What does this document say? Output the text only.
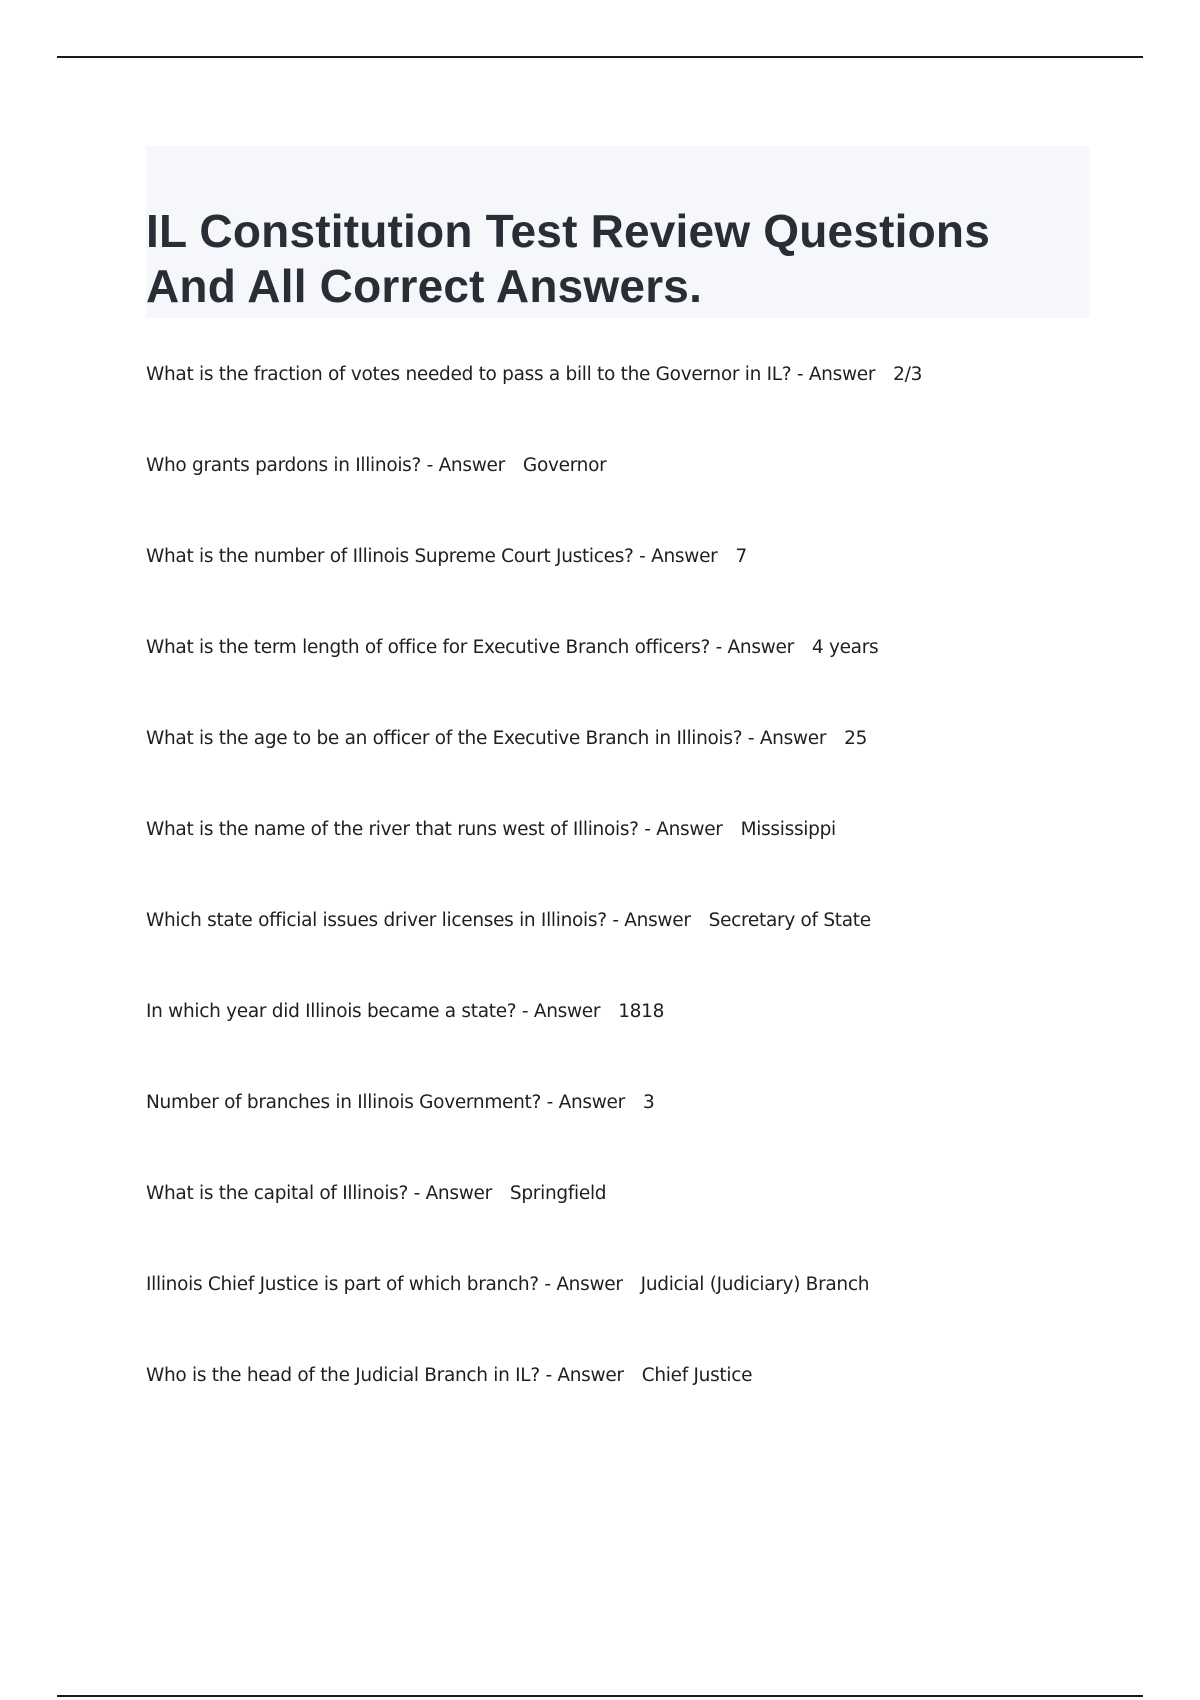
IL Constitution Test Review Questions And All Correct Answers.
What is the fraction of votes needed to pass a bill to the Governor in IL? - Answer 2/3
Who grants pardons in Illinois? - Answer Governor
What is the number of Illinois Supreme Court Justices? - Answer 7
What is the term length of office for Executive Branch officers? - Answer 4 years
What is the age to be an officer of the Executive Branch in Illinois? - Answer 25
What is the name of the river that runs west of Illinois? - Answer Mississippi
Which state official issues driver licenses in Illinois? - Answer Secretary of State
In which year did Illinois became a state? - Answer 1818
Number of branches in Illinois Government? - Answer 3
What is the capital of Illinois? - Answer Springfield
Illinois Chief Justice is part of which branch? - Answer Judicial (Judiciary) Branch
Who is the head of the Judicial Branch in IL? - Answer Chief Justice
